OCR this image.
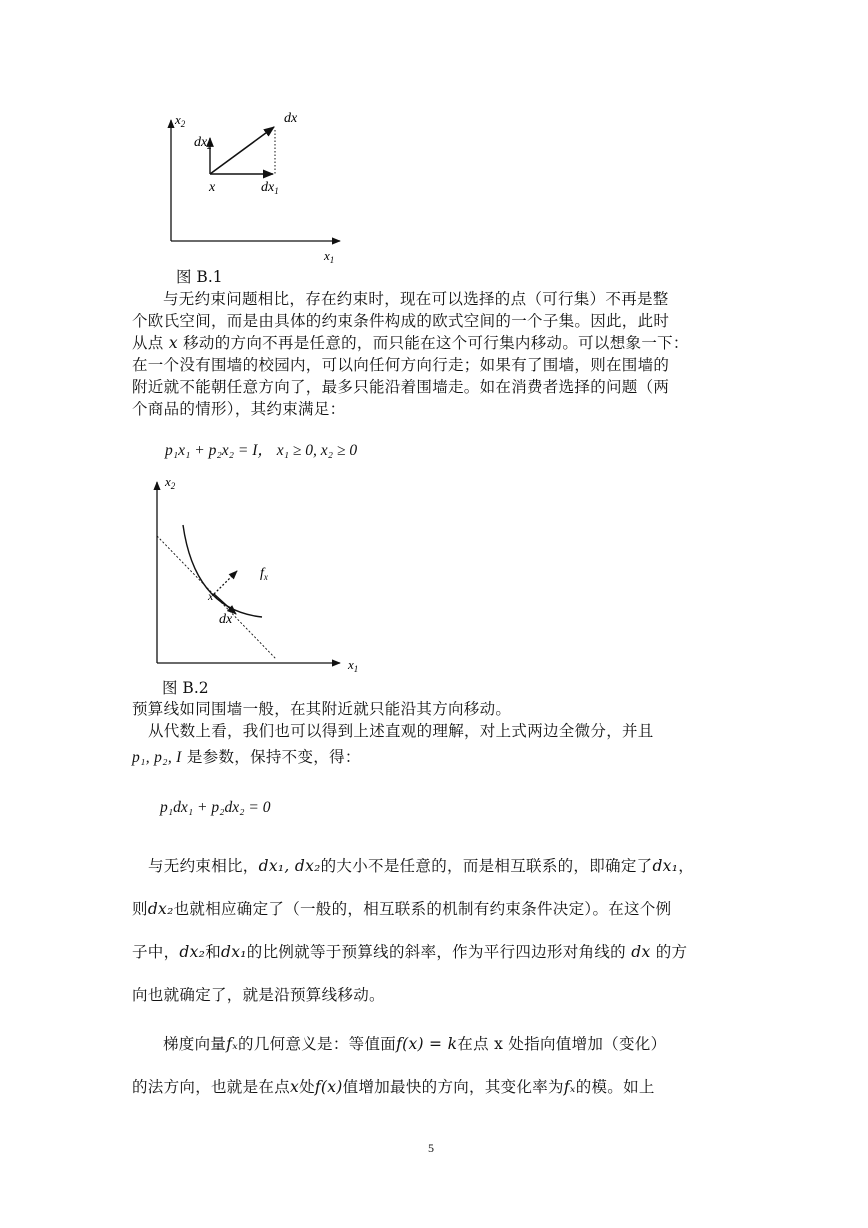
$x_2$	dx
$dx_2$
x	$dx_1$
$x_1$
图 B.1
与无约束问题相比，存在约束时，现在可以选择的点（可行集）不再是整
个欧氏空间，而是由具体的约束条件构成的欧式空间的一个子集。因此，此时
从点 x 移动的方向不再是任意的，而只能在这个可行集内移动。可以想象一下：
在一个没有围墙的校园内，可以向任何方向行走；如果有了围墙，则在围墙的
附近就不能朝任意方向了，最多只能沿着围墙走。如在消费者选择的问题（两
个商品的情形），其约束满足：
p₁x₁ + p₂x₂ = I， x₁ ≥ 0, x₂ ≥ 0
$x_2$
$f_x$
x
dx
$x_1$
图 B.2
预算线如同围墙一般，在其附近就只能沿其方向移动。
从代数上看，我们也可以得到上述直观的理解，对上式两边全微分，并且
p₁, p₂, I 是参数，保持不变，得：
p₁dx₁ + p₂dx₂ = 0
与无约束相比，dx₁, dx₂的大小不是任意的，而是相互联系的，即确定了dx₁，
则dx₂也就相应确定了（一般的，相互联系的机制有约束条件决定）。在这个例
子中，dx₂和dx₁的比例就等于预算线的斜率，作为平行四边形对角线的 dx 的方
向也就确定了，就是沿预算线移动。
梯度向量fₓ的几何意义是：等值面f(x) = k在点 x 处指向值增加（变化）
的法方向，也就是在点x处f(x)值增加最快的方向，其变化率为fₓ的模。如上
5
